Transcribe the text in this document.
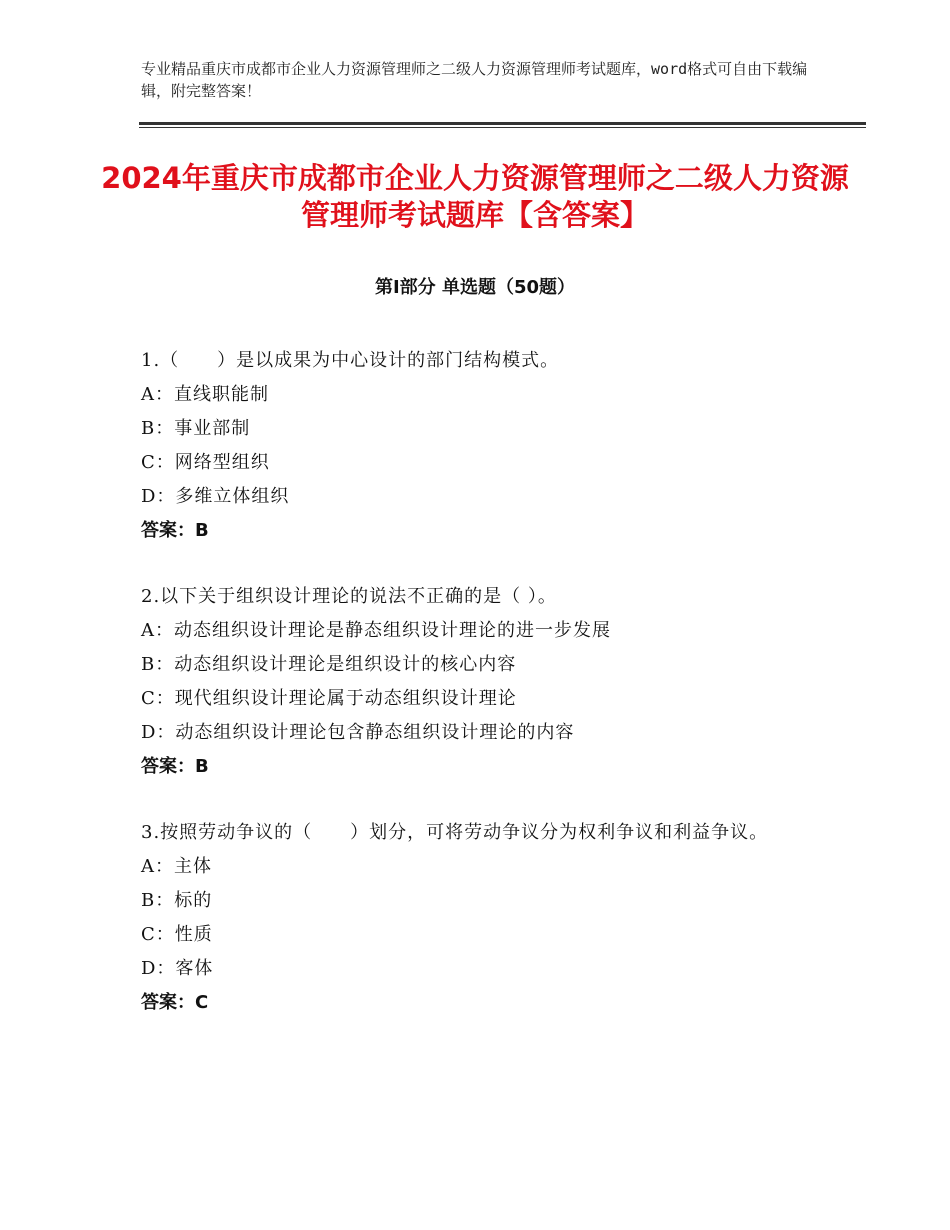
专业精品重庆市成都市企业人力资源管理师之二级人力资源管理师考试题库，word格式可自由下载编辑，附完整答案！
2024年重庆市成都市企业人力资源管理师之二级人力资源管理师考试题库【含答案】
第Ⅰ部分 单选题（50题）
1.（　　）是以成果为中心设计的部门结构模式。
A：直线职能制
B：事业部制
C：网络型组织
D：多维立体组织
答案：B
2.以下关于组织设计理论的说法不正确的是（ ）。
A：动态组织设计理论是静态组织设计理论的进一步发展
B：动态组织设计理论是组织设计的核心内容
C：现代组织设计理论属于动态组织设计理论
D：动态组织设计理论包含静态组织设计理论的内容
答案：B
3.按照劳动争议的（　　）划分，可将劳动争议分为权利争议和利益争议。
A：主体
B：标的
C：性质
D：客体
答案：C
